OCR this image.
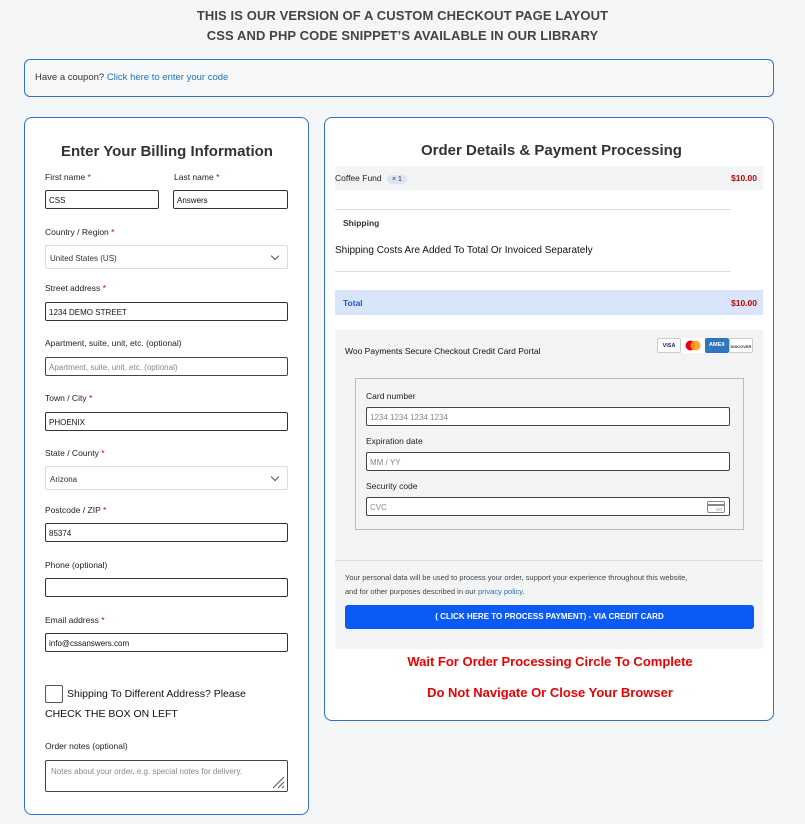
THIS IS OUR VERSION OF A CUSTOM CHECKOUT PAGE LAYOUT
CSS AND PHP CODE SNIPPET’S AVAILABLE IN OUR LIBRARY
Have a coupon? Click here to enter your code
Enter Your Billing Information
First name *
CSS
Last name *
Answers
Country / Region *
United States (US)
Street address *
1234 DEMO STREET
Apartment, suite, unit, etc. (optional)
Apartment, suite, unit, etc. (optional)
Town / City *
PHOENIX
State / County *
Arizona
Postcode / ZIP *
85374
Phone (optional)
Email address *
info@cssanswers.com
Shipping To Different Address? Please
CHECK THE BOX ON LEFT
Order notes (optional)
Notes about your order, e.g. special notes for delivery.
Order Details & Payment Processing
Coffee Fund × 1	$10.00
Shipping
Shipping Costs Are Added To Total Or Invoiced Separately
Total	$10.00
Woo Payments Secure Checkout Credit Card Portal	VISA	AMEX	DISCOVER
Card number
1234 1234 1234 1234
Expiration date
MM / YY
Security code
CVC
Your personal data will be used to process your order, support your experience throughout this website,
and for other purposes described in our privacy policy.
( CLICK HERE TO PROCESS PAYMENT) - VIA CREDIT CARD
Wait For Order Processing Circle To Complete
Do Not Navigate Or Close Your Browser
